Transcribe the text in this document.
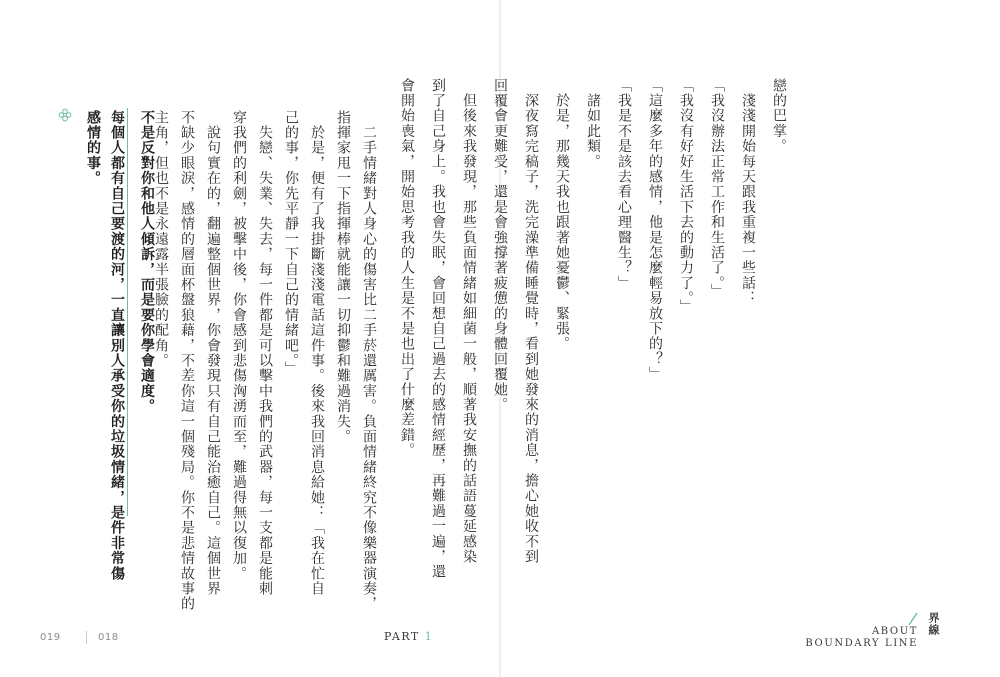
戀的巴掌。
　淺淺開始每天跟我重複一些話：
「我沒辦法正常工作和生活了。」
「我沒有好好生活下去的動力了。」
「這麼多年的感情，他是怎麼輕易放下的？」
「我是不是該去看心理醫生？」
　諸如此類。
　於是，那幾天我也跟著她憂鬱、緊張。
　深夜寫完稿子，洗完澡準備睡覺時，看到她發來的消息，擔心她收不到
回覆會更難受，還是會強撐著疲憊的身體回覆她。
　但後來我發現，那些負面情緒如細菌一般，順著我安撫的話語蔓延感染
到了自己身上。我也會失眠，會回想自己過去的感情經歷，再難過一遍，還
會開始喪氣，開始思考我的人生是不是也出了什麼差錯。
　二手情緒對人身心的傷害比二手菸還厲害。負面情緒終究不像樂器演奏，
指揮家甩一下指揮棒就能讓一切抑鬱和難過消失。
　於是，便有了我掛斷淺淺電話這件事。後來我回消息給她：「我在忙自
己的事，你先平靜一下自己的情緒吧。」
　失戀、失業、失去，每一件都是可以擊中我們的武器，每一支都是能刺
穿我們的利劍，被擊中後，你會感到悲傷洶湧而至，難過得無以復加。
　說句實在的，翻遍整個世界，你會發現只有自己能治癒自己。這個世界
不缺少眼淚，感情的層面杯盤狼藉，不差你這一個殘局。你不是悲情故事的
主角，但也不是永遠露半張臉的配角。
不是反對你和他人傾訴，而是要你學會適度。
每個人都有自己要渡的河，一直讓別人承受你的垃圾情緒，是件非常傷
感情的事。
019	018	PART 1	ABOUT
BOUNDARY LINE
界線
